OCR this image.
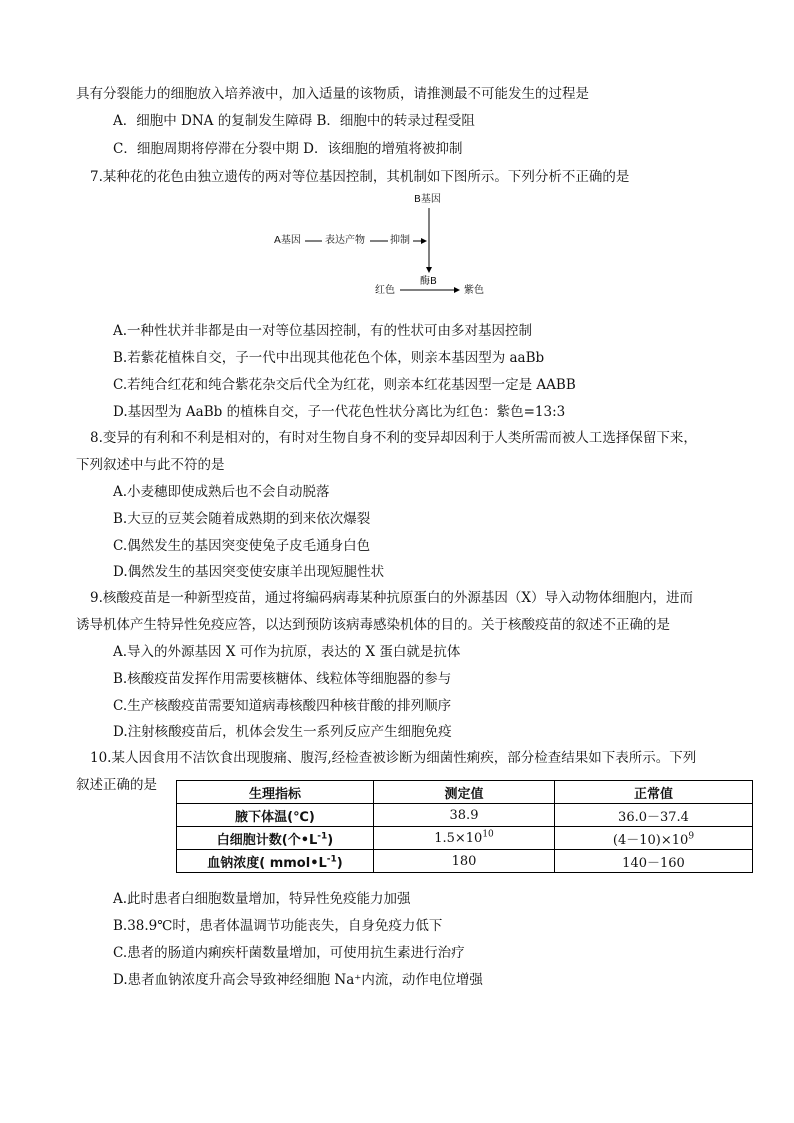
具有分裂能力的细胞放入培养液中，加入适量的该物质，请推测最不可能发生的过程是
A．细胞中 DNA 的复制发生障碍 B．细胞中的转录过程受阻
C．细胞周期将停滞在分裂中期 D．该细胞的增殖将被抑制
7.某种花的花色由独立遗传的两对等位基因控制，其机制如下图所示。下列分析不正确的是
B基因
A基因 表达产物	抑制
酶B
红色	紫色
A.一种性状并非都是由一对等位基因控制，有的性状可由多对基因控制
B.若紫花植株自交，子一代中出现其他花色个体，则亲本基因型为 aaBb
C.若纯合红花和纯合紫花杂交后代全为红花，则亲本红花基因型一定是 AABB
D.基因型为 AaBb 的植株自交，子一代花色性状分离比为红色：紫色=13:3
8.变异的有利和不利是相对的，有时对生物自身不利的变异却因利于人类所需而被人工选择保留下来，
下列叙述中与此不符的是
A.小麦穗即使成熟后也不会自动脱落
B.大豆的豆荚会随着成熟期的到来依次爆裂
C.偶然发生的基因突变使兔子皮毛通身白色
D.偶然发生的基因突变使安康羊出现短腿性状
9.核酸疫苗是一种新型疫苗，通过将编码病毒某种抗原蛋白的外源基因（X）导入动物体细胞内，进而
诱导机体产生特异性免疫应答，以达到预防该病毒感染机体的目的。关于核酸疫苗的叙述不正确的是
A.导入的外源基因 X 可作为抗原，表达的 X 蛋白就是抗体
B.核酸疫苗发挥作用需要核糖体、线粒体等细胞器的参与
C.生产核酸疫苗需要知道病毒核酸四种核苷酸的排列顺序
D.注射核酸疫苗后，机体会发生一系列反应产生细胞免疫
10.某人因食用不洁饮食出现腹痛、腹泻,经检查被诊断为细菌性痢疾，部分检查结果如下表所示。下列
叙述正确的是
生理指标	测定值	正常值
腋下体温(℃)	38.9	36.0－37.4
白细胞计数(个$•L^{-1}$)	$1.5\times 10^{10}$	$(4-10)\times 10^9$
血钠浓度( $mmol•L^{-1}$)	180	140－160
A.此时患者白细胞数量增加，特异性免疫能力加强
B.38.9℃时，患者体温调节功能丧失，自身免疫力低下
C.患者的肠道内痢疾杆菌数量增加，可使用抗生素进行治疗
D.患者血钠浓度升高会导致神经细胞 Na⁺内流，动作电位增强
